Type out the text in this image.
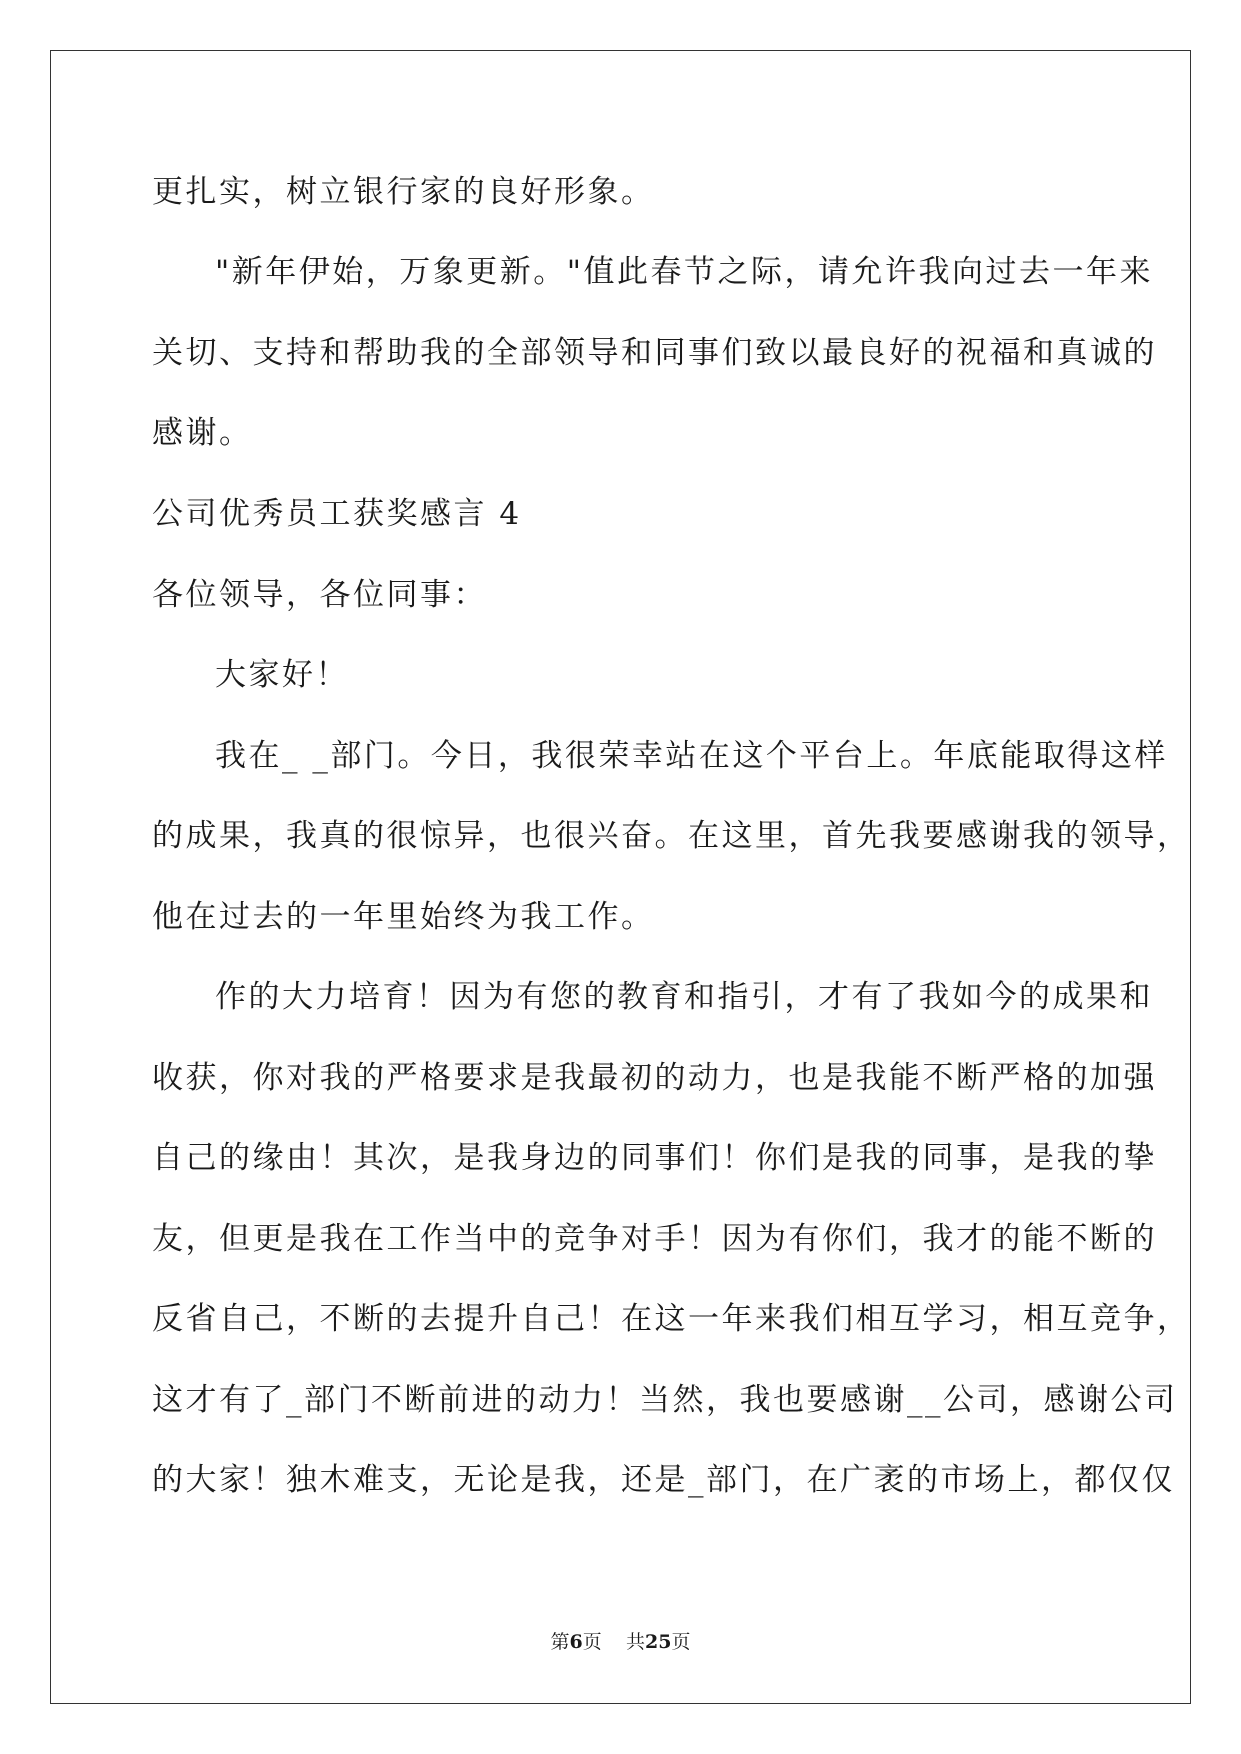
更扎实，树立银行家的良好形象。
"新年伊始，万象更新。"值此春节之际，请允许我向过去一年来
关切、支持和帮助我的全部领导和同事们致以最良好的祝福和真诚的
感谢。
公司优秀员工获奖感言 4
各位领导，各位同事：
大家好！
我在_ _部门。今日，我很荣幸站在这个平台上。年底能取得这样
的成果，我真的很惊异，也很兴奋。在这里，首先我要感谢我的领导，
他在过去的一年里始终为我工作。
作的大力培育！因为有您的教育和指引，才有了我如今的成果和
收获，你对我的严格要求是我最初的动力，也是我能不断严格的加强
自己的缘由！其次，是我身边的同事们！你们是我的同事，是我的挚
友，但更是我在工作当中的竞争对手！因为有你们，我才的能不断的
反省自己，不断的去提升自己！在这一年来我们相互学习，相互竞争，
这才有了_部门不断前进的动力！当然，我也要感谢__公司，感谢公司
的大家！独木难支，无论是我，还是_部门，在广袤的市场上，都仅仅
第6页 共25页
